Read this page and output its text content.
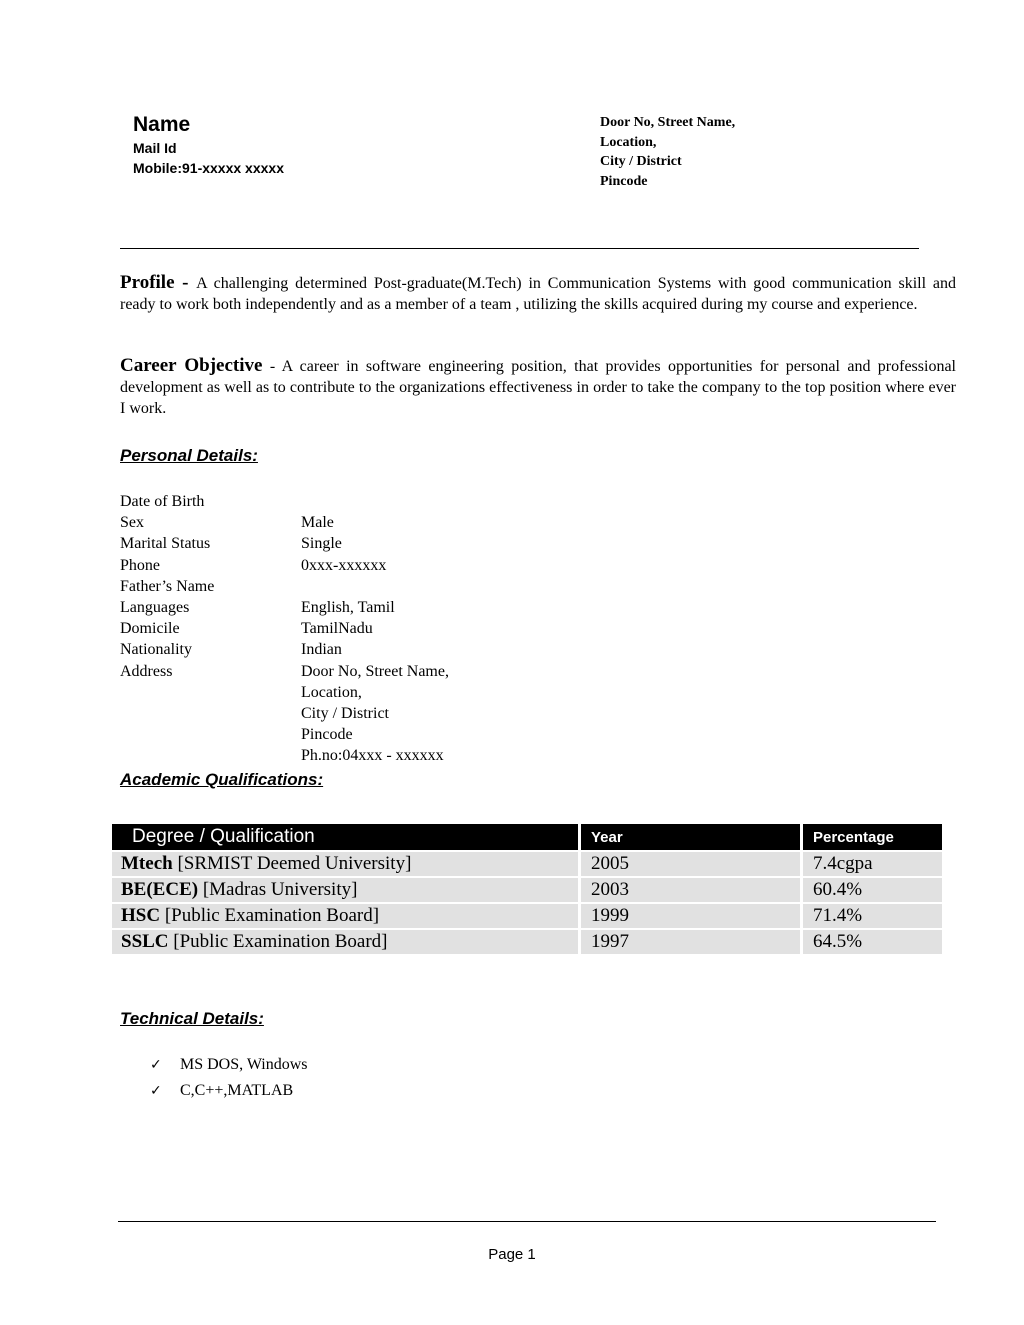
Name
Mail Id
Mobile:91-xxxxx xxxxx
Door No, Street Name,
Location,
City / District
Pincode
Profile - A challenging determined Post-graduate(M.Tech) in Communication Systems with good communication skill and ready to work both independently and as a member of a team , utilizing the skills acquired during my course and experience.
Career Objective - A career in software engineering position, that provides opportunities for personal and professional development as well as to contribute to the organizations effectiveness in order to take the company to the top position where ever I work.
Personal Details:
Date of Birth
Sex	Male
Marital Status	Single
Phone	0xxx-xxxxxx
Father’s Name
Languages	English, Tamil
Domicile	TamilNadu
Nationality	Indian
Address	Door No, Street Name,
Location,
City / District
Pincode
Ph.no:04xxx - xxxxxx
Academic Qualifications:
Degree / Qualification	Year	Percentage
Mtech [SRMIST Deemed University]	2005	7.4cgpa
BE(ECE) [Madras University]	2003	60.4%
HSC [Public Examination Board]	1999	71.4%
SSLC [Public Examination Board]	1997	64.5%
Technical Details:
✓	MS DOS, Windows
✓	C,C++,MATLAB
Page 1
